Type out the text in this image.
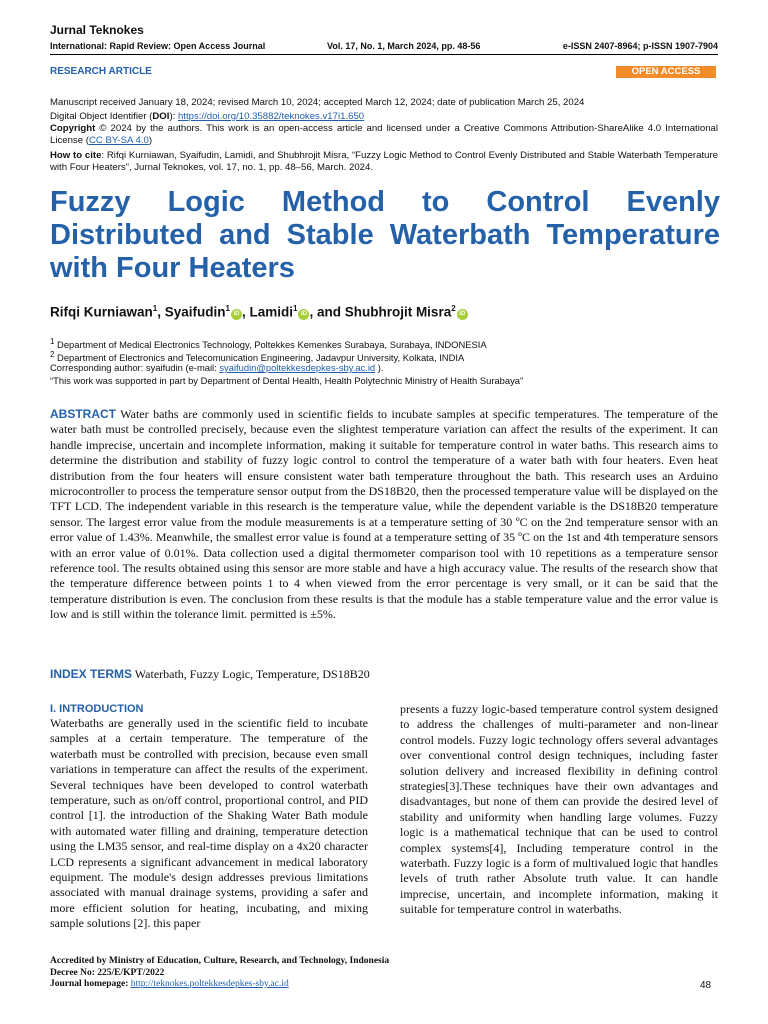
Jurnal Teknokes
International: Rapid Review: Open Access Journal	Vol. 17, No. 1, March 2024, pp. 48-56	e-ISSN 2407-8964; p-ISSN 1907-7904
RESEARCH ARTICLE	OPEN ACCESS
Manuscript received January 18, 2024; revised March 10, 2024; accepted March 12, 2024; date of publication March 25, 2024
Digital Object Identifier (DOI): https://doi.org/10.35882/teknokes.v17i1.650
Copyright © 2024 by the authors. This work is an open-access article and licensed under a Creative Commons Attribution-ShareAlike 4.0 International License (CC BY-SA 4.0)
How to cite: Rifqi Kurniawan, Syaifudin, Lamidi, and Shubhrojit Misra, “Fuzzy Logic Method to Control Evenly Distributed and Stable Waterbath Temperature with Four Heaters”, Jurnal Teknokes, vol. 17, no. 1, pp. 48–56, March. 2024.
Fuzzy Logic Method to Control Evenly
Distributed and Stable Waterbath Temperature
with Four Heaters
Rifqi Kurniawan$^1$, Syaifudin$^1$iD , Lamidi$^1$iD , and Shubhrojit Misra$^2$iD
$^1$ Department of Medical Electronics Technology, Poltekkes Kemenkes Surabaya, Surabaya, INDONESIA
$^2$ Department of Electronics and Telecomunication Engineering, Jadavpur University, Kolkata, INDIA
Corresponding author: syaifudin (e-mail: syaifudin@poltekkesdepkes-sby.ac.id ).
“This work was supported in part by Department of Dental Health, Health Polytechnic Ministry of Health Surabaya”
ABSTRACT Water baths are commonly used in scientific fields to incubate samples at specific temperatures. The temperature of the water bath must be controlled precisely, because even the slightest temperature variation can affect the results of the experiment. It can handle imprecise, uncertain and incomplete information, making it suitable for temperature control in water baths. This research aims to determine the distribution and stability of fuzzy logic control to control the temperature of a water bath with four heaters. Even heat distribution from the four heaters will ensure consistent water bath temperature throughout the bath. This research uses an Arduino microcontroller to process the temperature sensor output from the DS18B20, then the processed temperature value will be displayed on the TFT LCD. The independent variable in this research is the temperature value, while the dependent variable is the DS18B20 temperature sensor. The largest error value from the module measurements is at a temperature setting of 30 ºC on the 2nd temperature sensor with an error value of 1.43%. Meanwhile, the smallest error value is found at a temperature setting of 35 ºC on the 1st and 4th temperature sensors with an error value of 0.01%. Data collection used a digital thermometer comparison tool with 10 repetitions as a temperature sensor reference tool. The results obtained using this sensor are more stable and have a high accuracy value. The results of the research show that the temperature difference between points 1 to 4 when viewed from the error percentage is very small, or it can be said that the temperature distribution is even. The conclusion from these results is that the module has a stable temperature value and the error value is low and is still within the tolerance limit. permitted is ±5%.
INDEX TERMS Waterbath, Fuzzy Logic, Temperature, DS18B20
I. INTRODUCTION
Waterbaths are generally used in the scientific field to incubate samples at a certain temperature. The temperature of the waterbath must be controlled with precision, because even small variations in temperature can affect the results of the experiment. Several techniques have been developed to control waterbath temperature, such as on/off control, proportional control, and PID control [1]. the introduction of the Shaking Water Bath module with automated water filling and draining, temperature detection using the LM35 sensor, and real-time display on a 4x20 character LCD represents a significant advancement in medical laboratory equipment. The module's design addresses previous limitations associated with manual drainage systems, providing a safer and more efficient solution for heating, incubating, and mixing sample solutions [2]. this paper
presents a fuzzy logic-based temperature control system designed to address the challenges of multi-parameter and non-linear control models. Fuzzy logic technology offers several advantages over conventional control design techniques, including faster solution delivery and increased flexibility in defining control strategies[3].These techniques have their own advantages and disadvantages, but none of them can provide the desired level of stability and uniformity when handling large volumes. Fuzzy logic is a mathematical technique that can be used to control complex systems[4], Including temperature control in the waterbath. Fuzzy logic is a form of multivalued logic that handles levels of truth rather Absolute truth value. It can handle imprecise, uncertain, and incomplete information, making it suitable for temperature control in waterbaths.
Accredited by Ministry of Education, Culture, Research, and Technology, Indonesia
Decree No: 225/E/KPT/2022
Journal homepage: http://teknokes.poltekkesdepkes-sby.ac.id	48
